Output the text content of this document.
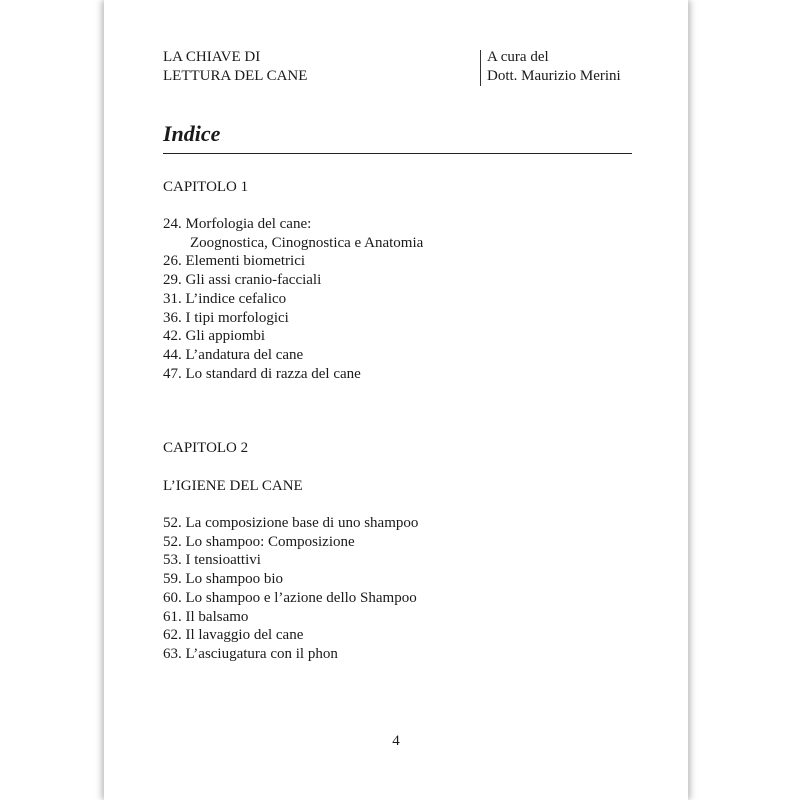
LA CHIAVE DI
LETTURA DEL CANE
A cura del
Dott. Maurizio Merini
Indice
CAPITOLO 1
24. Morfologia del cane:
Zoognostica, Cinognostica e Anatomia
26. Elementi biometrici
29. Gli assi cranio-facciali
31. L’indice cefalico
36. I tipi morfologici
42. Gli appiombi
44. L’andatura del cane
47. Lo standard di razza del cane
CAPITOLO 2
L’IGIENE DEL CANE
52. La composizione base di uno shampoo
52. Lo shampoo: Composizione
53. I tensioattivi
59. Lo shampoo bio
60. Lo shampoo e l’azione dello Shampoo
61. Il balsamo
62. Il lavaggio del cane
63. L’asciugatura con il phon
4
